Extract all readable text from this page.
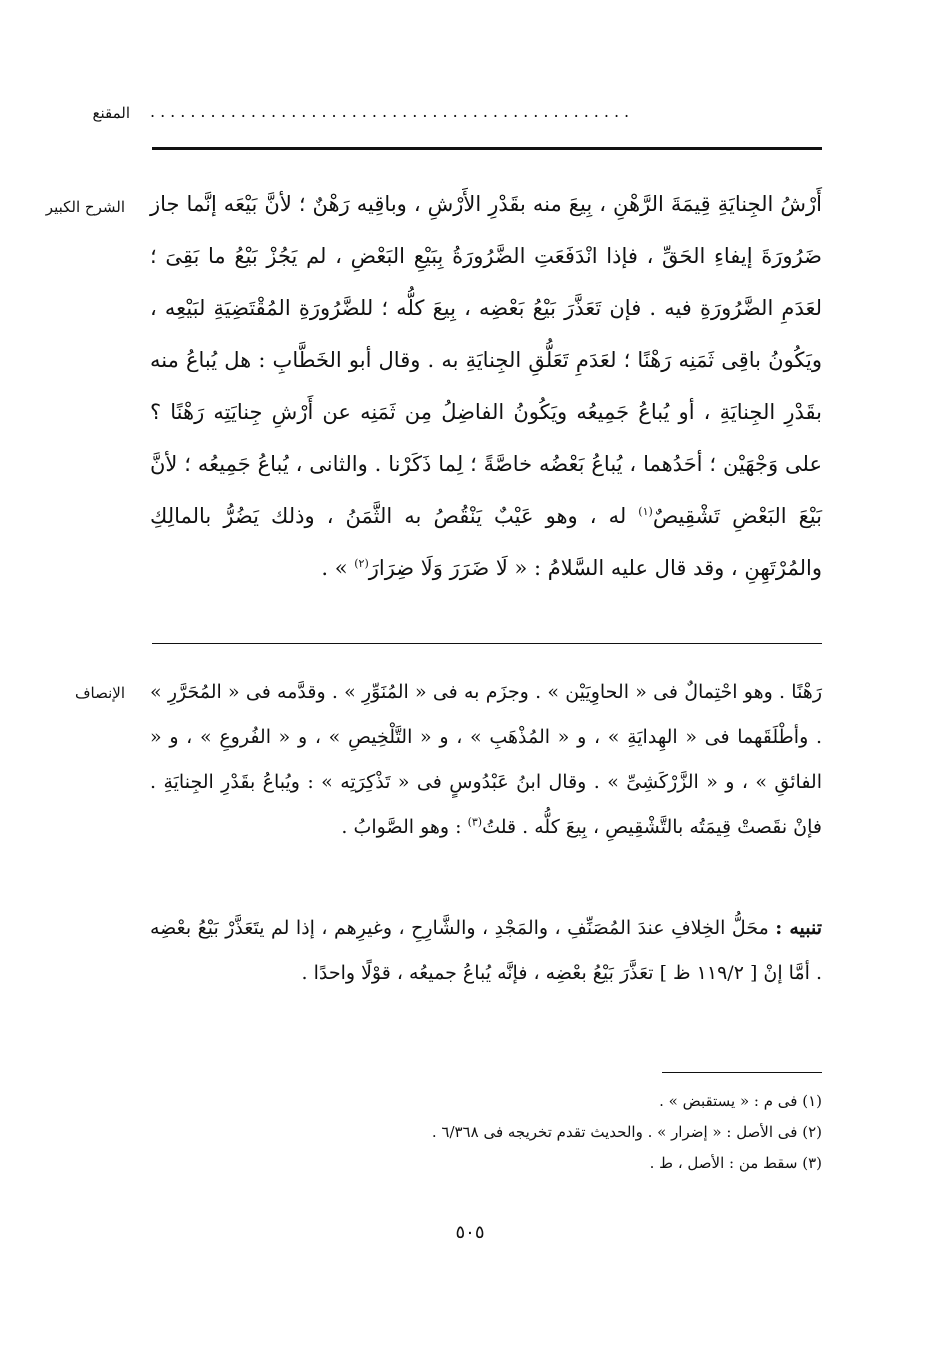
المقنع ................................................
الشرح الكبير أَرْشُ الجِنايَةِ قِيمَةَ الرَّهْنِ ، بِيعَ منه بقَدْرِ الأَرْشِ ، وباقِيه رَهْنٌ ؛ لأنَّ بَيْعَه إنَّما جاز ضَرُورَةَ إيفاءِ الحَقِّ ، فإذا انْدَفَعَتِ الضَّرُورَةُ بِبَيْعِ البَعْضِ ، لم يَجُزْ بَيْعُ ما بَقِىَ ؛ لعَدَمِ الضَّرُورَةِ فيه . فإن تَعَذَّرَ بَيْعُ بَعْضِه ، بِيعَ كلُّه ؛ للضَّرُورَةِ المُقْتَضِيَةِ لبَيْعِه ، ويَكُونُ باقِى ثَمَنِه رَهْنًا ؛ لعَدَمِ تَعَلُّقِ الجِنايَةِ به . وقال أبو الخَطَّابِ : هل يُباعُ منه بقَدْرِ الجِنايَةِ ، أو يُباعُ جَمِيعُه ويَكُونُ الفاضِلُ مِن ثَمَنِه عن أَرْشِ جِنايَتِه رَهْنًا ؟ على وَجْهَيْن ؛ أحَدُهما ، يُباعُ بَعْضُه خاصَّةً ؛ لِما ذَكَرْنا . والثانى ، يُباعُ جَمِيعُه ؛ لأنَّ بَيْعَ البَعْضِ تَشْقِيصٌ$^{(١)}$ له ، وهو عَيْبٌ يَنْقُصُ به الثَّمَنُ ، وذلك يَضُرُّ بالمالِكِ والمُرْتَهِنِ ، وقد قال عليه السَّلامُ : « لَا ضَرَرَ وَلَا ضِرَارَ$^{(٢)}$ » .
الإنصاف رَهْنًا . وهو احْتِمالٌ فى « الحاوِيَيْن » . وجزَم به فى « المُنَوِّرِ » . وقدَّمه فى « المُحَرَّرِ » . وأطْلَقَهما فى « الهِدايَةِ » ، و « المُذْهَبِ » ، و « التَّلْخِيصِ » ، و « الفُروعِ » ، و « الفائقِ » ، و « الزَّرْكَشِىِّ » . وقال ابنُ عَبْدُوسٍ فى « تَذْكِرَتِه » : ويُباعُ بقَدْرِ الجِنايَةِ . فإنْ نقَصتْ قِيمَتُه بالتَّشْقِيصِ ، بِيعَ كلُّه . قلتُ$^{(٣)}$ : وهو الصَّوابُ .
تنبيه : محَلُّ الخِلافِ عندَ المُصَنِّفِ ، والمَجْدِ ، والشَّارِحِ ، وغيرِهم ، إذا لم يتَعَذَّرْ بَيْعُ بعْضِه . أمَّا إنْ [ ١١٩/٢ ظ ] تعَذَّرَ بَيْعُ بعْضِه ، فإنَّه يُباعُ جميعُه ، قوْلًا واحدًا .
(١) فى م : « يستقبض » .
(٢) فى الأصل : « إضرار » . والحديث تقدم تخريجه فى ٦/٣٦٨ .
(٣) سقط من : الأصل ، ط .
٥٠٥
